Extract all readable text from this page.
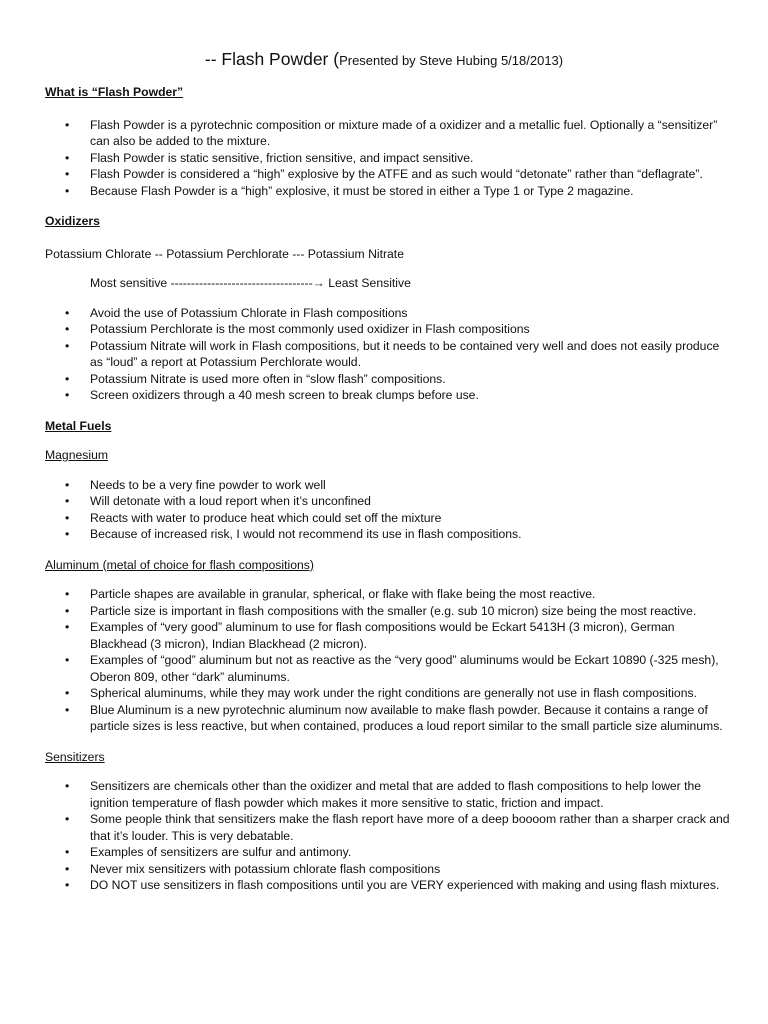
-- Flash Powder (Presented by Steve Hubing 5/18/2013)
What is “Flash Powder”
• Flash Powder is a pyrotechnic composition or mixture made of a oxidizer and a metallic fuel. Optionally a “sensitizer” can also be added to the mixture.
• Flash Powder is static sensitive, friction sensitive, and impact sensitive.
• Flash Powder is considered a “high” explosive by the ATFE and as such would “detonate” rather than “deflagrate”.
• Because Flash Powder is a “high” explosive, it must be stored in either a Type 1 or Type 2 magazine.
Oxidizers
Potassium Chlorate -- Potassium Perchlorate --- Potassium Nitrate
Most sensitive -----------------------------------→ Least Sensitive
• Avoid the use of Potassium Chlorate in Flash compositions
• Potassium Perchlorate is the most commonly used oxidizer in Flash compositions
• Potassium Nitrate will work in Flash compositions, but it needs to be contained very well and does not easily produce as “loud” a report at Potassium Perchlorate would.
• Potassium Nitrate is used more often in “slow flash” compositions.
• Screen oxidizers through a 40 mesh screen to break clumps before use.
Metal Fuels
Magnesium
• Needs to be a very fine powder to work well
• Will detonate with a loud report when it’s unconfined
• Reacts with water to produce heat which could set off the mixture
• Because of increased risk, I would not recommend its use in flash compositions.
Aluminum (metal of choice for flash compositions)
• Particle shapes are available in granular, spherical, or flake with flake being the most reactive.
• Particle size is important in flash compositions with the smaller (e.g. sub 10 micron) size being the most reactive.
• Examples of “very good” aluminum to use for flash compositions would be Eckart 5413H (3 micron), German Blackhead (3 micron), Indian Blackhead (2 micron).
• Examples of “good” aluminum but not as reactive as the “very good” aluminums would be Eckart 10890 (-325 mesh), Oberon 809, other “dark” aluminums.
• Spherical aluminums, while they may work under the right conditions are generally not use in flash compositions.
• Blue Aluminum is a new pyrotechnic aluminum now available to make flash powder. Because it contains a range of particle sizes is less reactive, but when contained, produces a loud report similar to the small particle size aluminums.
Sensitizers
• Sensitizers are chemicals other than the oxidizer and metal that are added to flash compositions to help lower the ignition temperature of flash powder which makes it more sensitive to static, friction and impact.
• Some people think that sensitizers make the flash report have more of a deep boooom rather than a sharper crack and that it’s louder. This is very debatable.
• Examples of sensitizers are sulfur and antimony.
• Never mix sensitizers with potassium chlorate flash compositions
• DO NOT use sensitizers in flash compositions until you are VERY experienced with making and using flash mixtures.
